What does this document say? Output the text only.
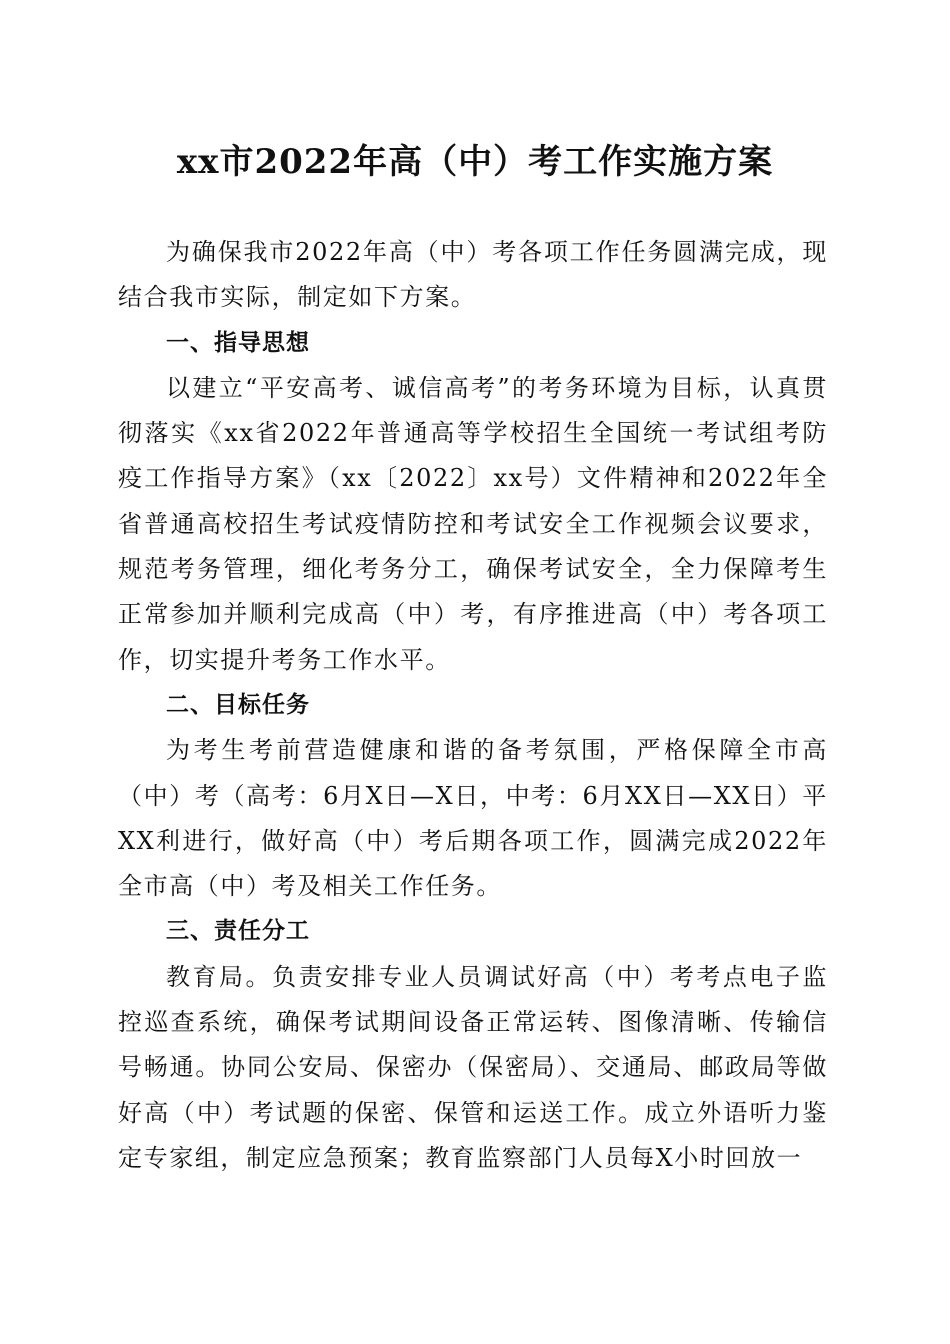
xx市2022年高（中）考工作实施方案

为确保我市2022年高（中）考各项工作任务圆满完成，现结合我市实际，制定如下方案。

一、指导思想

以建立“平安高考、诚信高考”的考务环境为目标，认真贯彻落实《xx省2022年普通高等学校招生全国统一考试组考防疫工作指导方案》（xx〔2022〕xx号）文件精神和2022年全省普通高校招生考试疫情防控和考试安全工作视频会议要求，规范考务管理，细化考务分工，确保考试安全，全力保障考生正常参加并顺利完成高（中）考，有序推进高（中）考各项工作，切实提升考务工作水平。

二、目标任务

为考生考前营造健康和谐的备考氛围，严格保障全市高（中）考（高考：6月X日—X日，中考：6月XX日—XX日）平XX利进行，做好高（中）考后期各项工作，圆满完成2022年全市高（中）考及相关工作任务。

三、责任分工

教育局。负责安排专业人员调试好高（中）考考点电子监控巡查系统，确保考试期间设备正常运转、图像清晰、传输信号畅通。协同公安局、保密办（保密局）、交通局、邮政局等做好高（中）考试题的保密、保管和运送工作。成立外语听力鉴定专家组，制定应急预案；教育监察部门人员每X小时回放一
